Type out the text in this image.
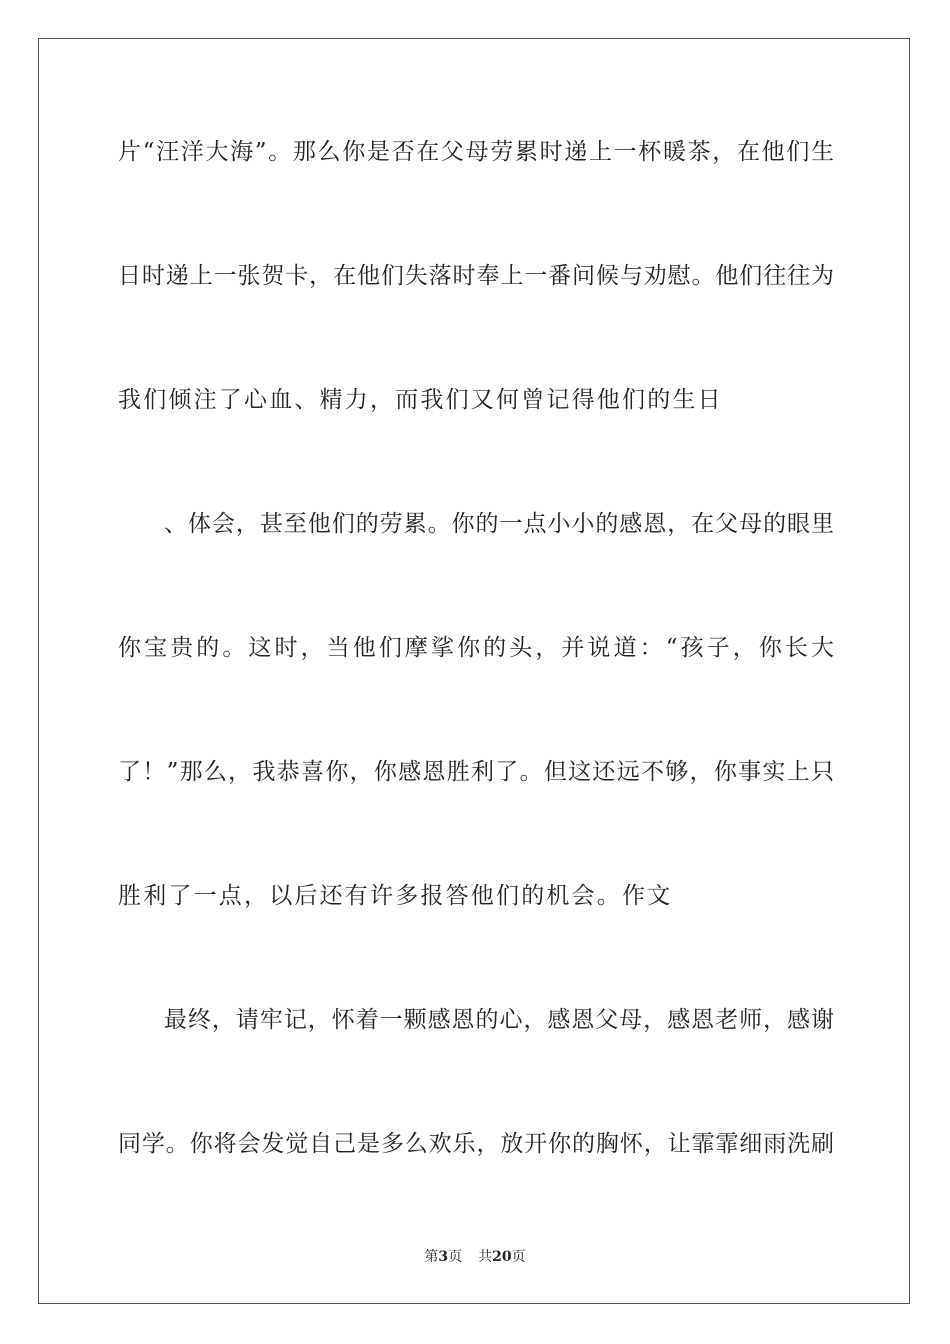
片“汪洋大海”。那么你是否在父母劳累时递上一杯暖茶，在他们生
日时递上一张贺卡，在他们失落时奉上一番问候与劝慰。他们往往为
我们倾注了心血、精力，而我们又何曾记得他们的生日
、体会，甚至他们的劳累。你的一点小小的感恩，在父母的眼里
你宝贵的。这时，当他们摩挲你的头，并说道：“孩子，你长大
了！”那么，我恭喜你，你感恩胜利了。但这还远不够，你事实上只
胜利了一点，以后还有许多报答他们的机会。作文
最终，请牢记，怀着一颗感恩的心，感恩父母，感恩老师，感谢
同学。你将会发觉自己是多么欢乐，放开你的胸怀，让霏霏细雨洗刷
第3页 共20页
